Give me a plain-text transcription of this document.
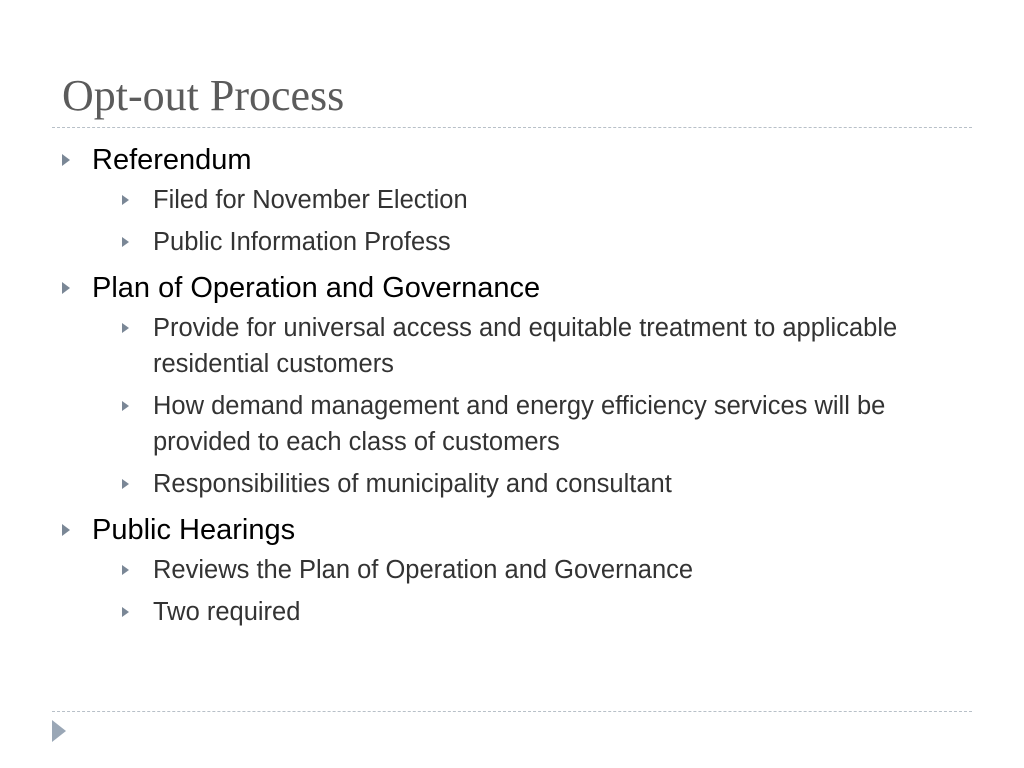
Opt-out Process
Referendum
Filed for November Election
Public Information Profess
Plan of Operation and Governance
Provide for universal access and equitable treatment to applicable residential customers
How demand management and energy efficiency services will be provided to each class of customers
Responsibilities of municipality and consultant
Public Hearings
Reviews the Plan of Operation and Governance
Two required
